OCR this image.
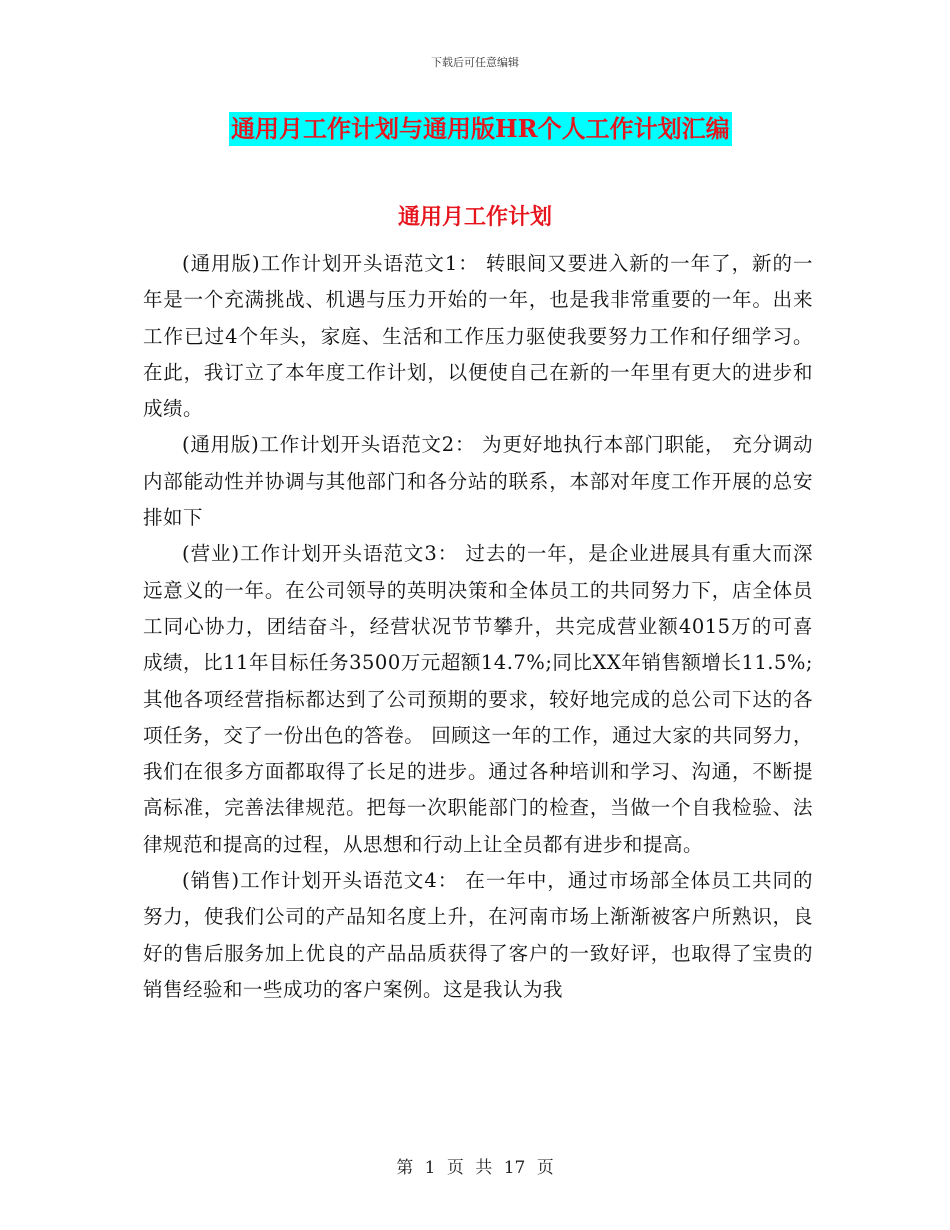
下载后可任意编辑
通用月工作计划与通用版HR个人工作计划汇编
通用月工作计划

(通用版)工作计划开头语范文1： 转眼间又要进入新的一年了，新的一年是一个充满挑战、机遇与压力开始的一年，也是我非常重要的一年。出来工作已过4个年头，家庭、生活和工作压力驱使我要努力工作和仔细学习。在此，我订立了本年度工作计划，以便使自己在新的一年里有更大的进步和成绩。

(通用版)工作计划开头语范文2： 为更好地执行本部门职能， 充分调动内部能动性并协调与其他部门和各分站的联系，本部对年度工作开展的总安排如下

(营业)工作计划开头语范文3： 过去的一年，是企业进展具有重大而深远意义的一年。在公司领导的英明决策和全体员工的共同努力下，店全体员工同心协力，团结奋斗，经营状况节节攀升，共完成营业额4015万的可喜成绩，比11年目标任务3500万元超额14.7%;同比XX年销售额增长11.5%;其他各项经营指标都达到了公司预期的要求，较好地完成的总公司下达的各项任务，交了一份出色的答卷。 回顾这一年的工作，通过大家的共同努力，我们在很多方面都取得了长足的进步。通过各种培训和学习、沟通，不断提高标准，完善法律规范。把每一次职能部门的检查，当做一个自我检验、法律规范和提高的过程，从思想和行动上让全员都有进步和提高。

(销售)工作计划开头语范文4： 在一年中，通过市场部全体员工共同的努力，使我们公司的产品知名度上升，在河南市场上渐渐被客户所熟识，良好的售后服务加上优良的产品品质获得了客户的一致好评，也取得了宝贵的销售经验和一些成功的客户案例。这是我认为我

第 1 页 共 17 页
